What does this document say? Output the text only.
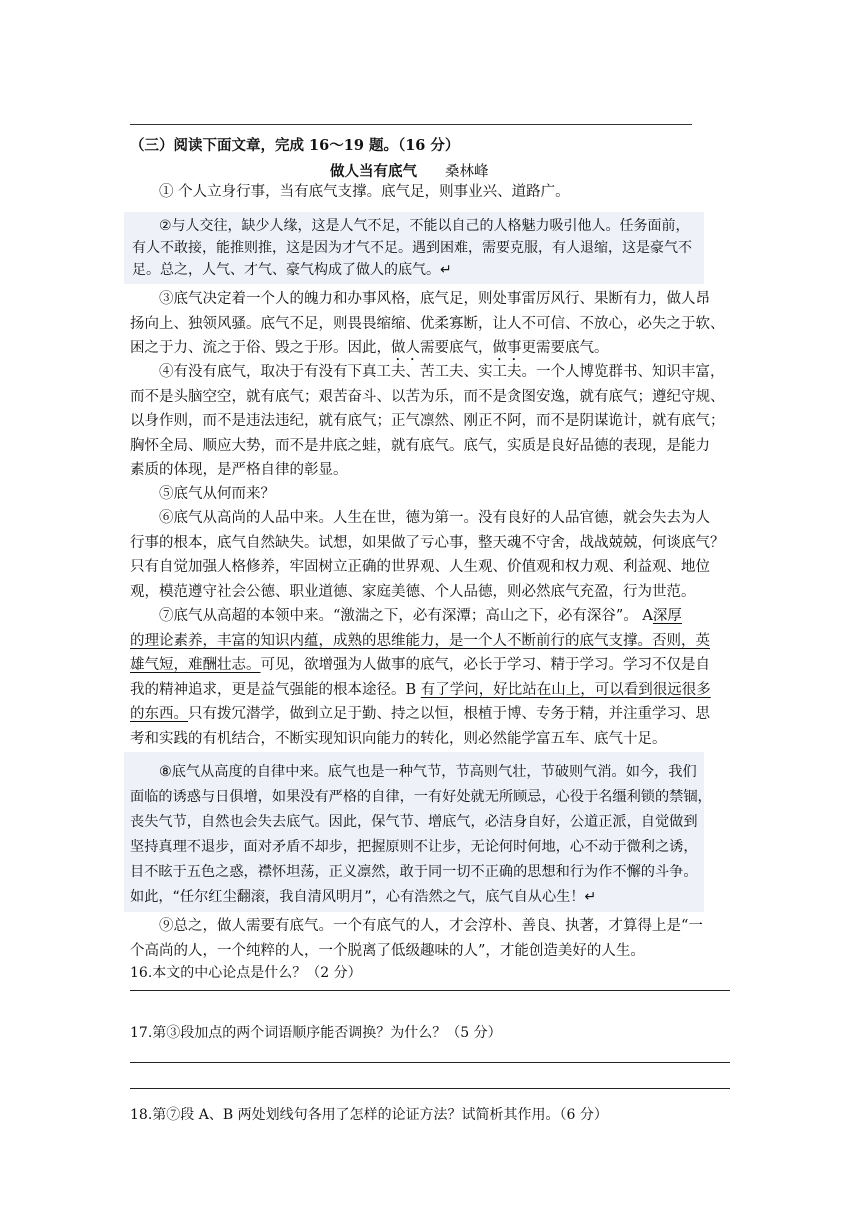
（三）阅读下面文章，完成 16～19 题。（16 分）
做人当有底气 桑林峰
① 个人立身行事，当有底气支撑。底气足，则事业兴、道路广。
②与人交往，缺少人缘，这是人气不足，不能以自己的人格魅力吸引他人。任务面前，
有人不敢接，能推则推，这是因为才气不足。遇到困难，需要克服，有人退缩，这是豪气不
足。总之，人气、才气、豪气构成了做人的底气。↵
③底气决定着一个人的魄力和办事风格，底气足，则处事雷厉风行、果断有力，做人昂
扬向上、独领风骚。底气不足，则畏畏缩缩、优柔寡断，让人不可信、不放心，必失之于软、
困之于力、流之于俗、毁之于形。因此，做人需要底气，做事更需要底气。
④有没有底气，取决于有没有下真工夫、苦工夫、实工夫。一个人博览群书、知识丰富，
而不是头脑空空，就有底气；艰苦奋斗、以苦为乐，而不是贪图安逸，就有底气；遵纪守规、
以身作则，而不是违法违纪，就有底气；正气凛然、刚正不阿，而不是阴谋诡计，就有底气；
胸怀全局、顺应大势，而不是井底之蛙，就有底气。底气，实质是良好品德的表现，是能力
素质的体现，是严格自律的彰显。
⑤底气从何而来？
⑥底气从高尚的人品中来。人生在世，德为第一。没有良好的人品官德，就会失去为人
行事的根本，底气自然缺失。试想，如果做了亏心事，整天魂不守舍，战战兢兢，何谈底气？
只有自觉加强人格修养，牢固树立正确的世界观、人生观、价值观和权力观、利益观、地位
观，模范遵守社会公德、职业道德、家庭美德、个人品德，则必然底气充盈，行为世范。
⑦底气从高超的本领中来。“激湍之下，必有深潭；高山之下，必有深谷”。 A深厚
的理论素养，丰富的知识内蕴，成熟的思维能力，是一个人不断前行的底气支撑。否则，英
雄气短，难酬壮志。可见，欲增强为人做事的底气，必长于学习、精于学习。学习不仅是自
我的精神追求，更是益气强能的根本途径。B 有了学问，好比站在山上，可以看到很远很多
的东西。只有拨冗潜学，做到立足于勤、持之以恒，根植于博、专务于精，并注重学习、思
考和实践的有机结合，不断实现知识向能力的转化，则必然能学富五车、底气十足。
⑧底气从高度的自律中来。底气也是一种气节，节高则气壮，节破则气消。如今，我们
面临的诱惑与日俱增，如果没有严格的自律，一有好处就无所顾忌，心役于名缰利锁的禁锢，
丧失气节，自然也会失去底气。因此，保气节、增底气，必洁身自好，公道正派，自觉做到
坚持真理不退步，面对矛盾不却步，把握原则不让步，无论何时何地，心不动于微利之诱，
目不眩于五色之惑，襟怀坦荡，正义凛然，敢于同一切不正确的思想和行为作不懈的斗争。
如此，“任尔红尘翻滚，我自清风明月”，心有浩然之气，底气自从心生！↵
⑨总之，做人需要有底气。一个有底气的人，才会淳朴、善良、执著，才算得上是“一
个高尚的人，一个纯粹的人，一个脱离了低级趣味的人”，才能创造美好的人生。
16.本文的中心论点是什么？（2 分）
17.第③段加点的两个词语顺序能否调换？为什么？（5 分）
18.第⑦段 A、B 两处划线句各用了怎样的论证方法？试简析其作用。（6 分）
